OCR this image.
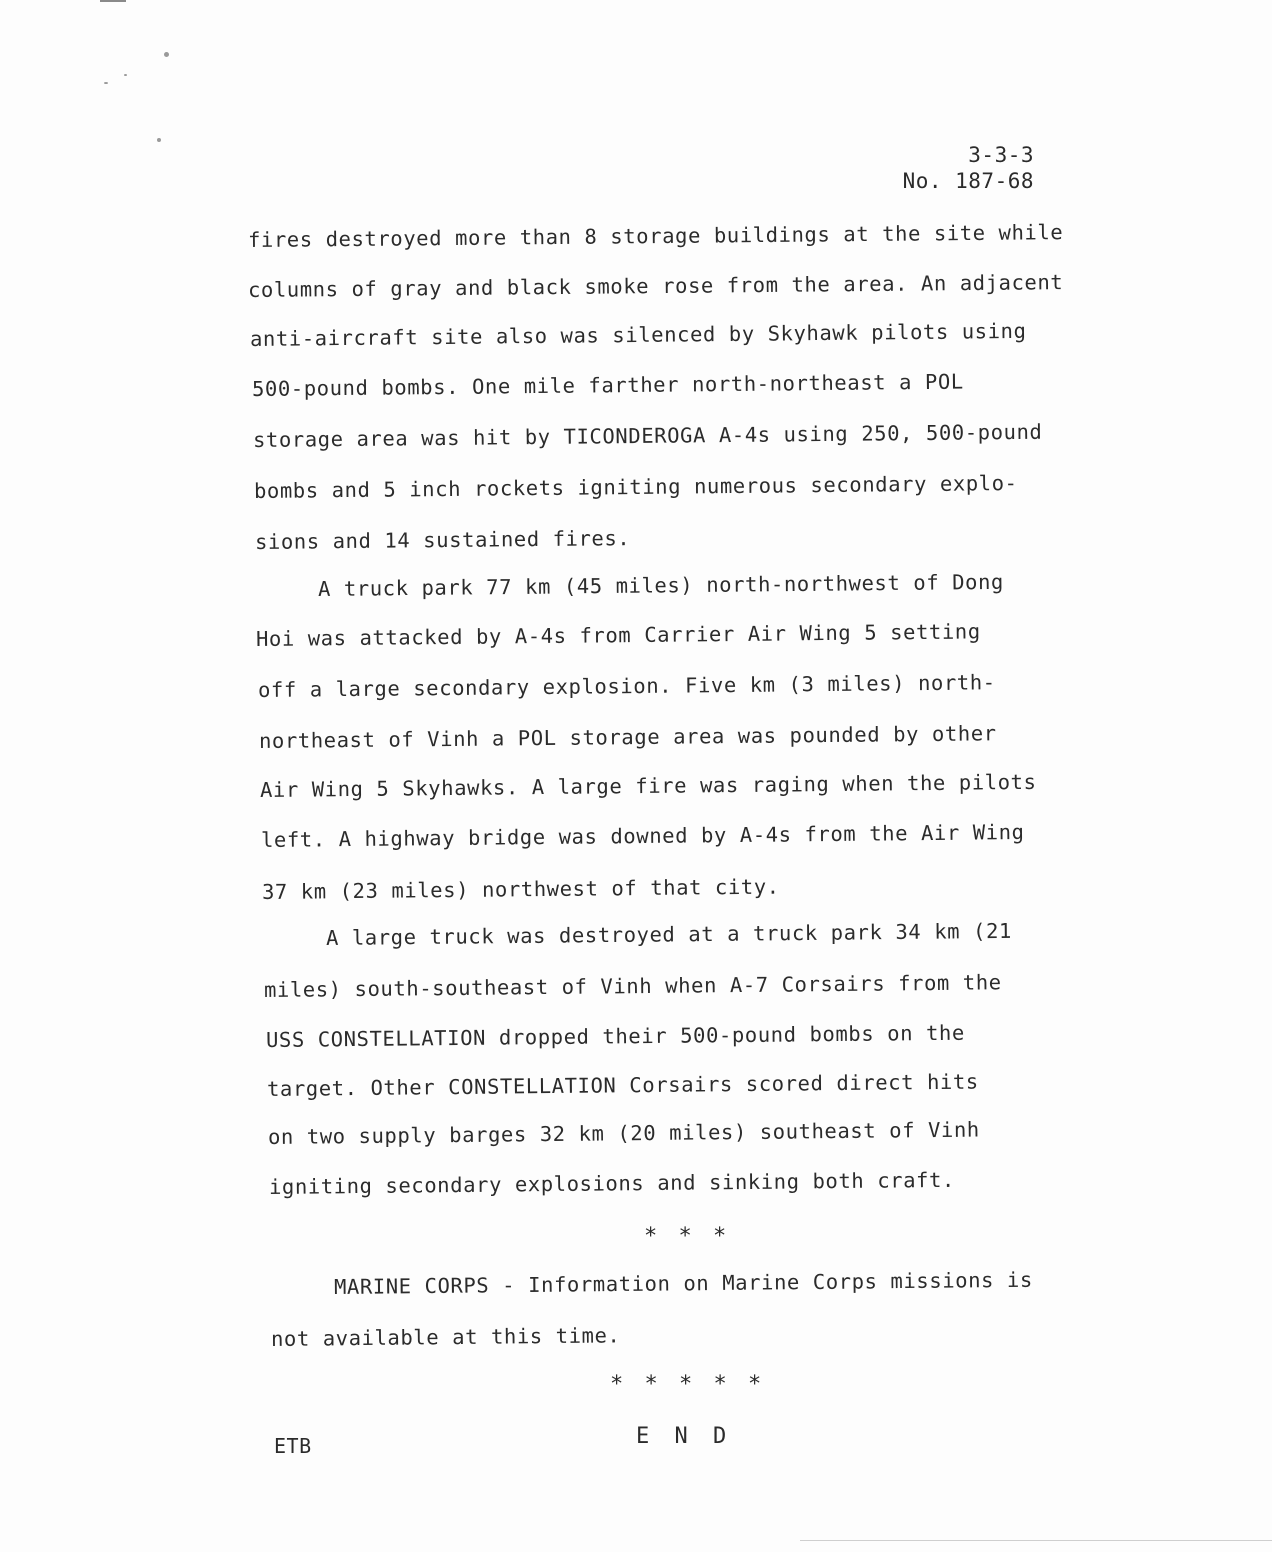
3-3-3
No. 187-68
fires destroyed more than 8 storage buildings at the site while
columns of gray and black smoke rose from the area. An adjacent
anti-aircraft site also was silenced by Skyhawk pilots using
500-pound bombs. One mile farther north-northeast a POL
storage area was hit by TICONDEROGA A-4s using 250, 500-pound
bombs and 5 inch rockets igniting numerous secondary explo-
sions and 14 sustained fires.
A truck park 77 km (45 miles) north-northwest of Dong
Hoi was attacked by A-4s from Carrier Air Wing 5 setting
off a large secondary explosion. Five km (3 miles) north-
northeast of Vinh a POL storage area was pounded by other
Air Wing 5 Skyhawks. A large fire was raging when the pilots
left. A highway bridge was downed by A-4s from the Air Wing
37 km (23 miles) northwest of that city.
A large truck was destroyed at a truck park 34 km (21
miles) south-southeast of Vinh when A-7 Corsairs from the
USS CONSTELLATION dropped their 500-pound bombs on the
target. Other CONSTELLATION Corsairs scored direct hits
on two supply barges 32 km (20 miles) southeast of Vinh
igniting secondary explosions and sinking both craft.
* * *
MARINE CORPS - Information on Marine Corps missions is
not available at this time.
* * * * *
ETB	E N D
